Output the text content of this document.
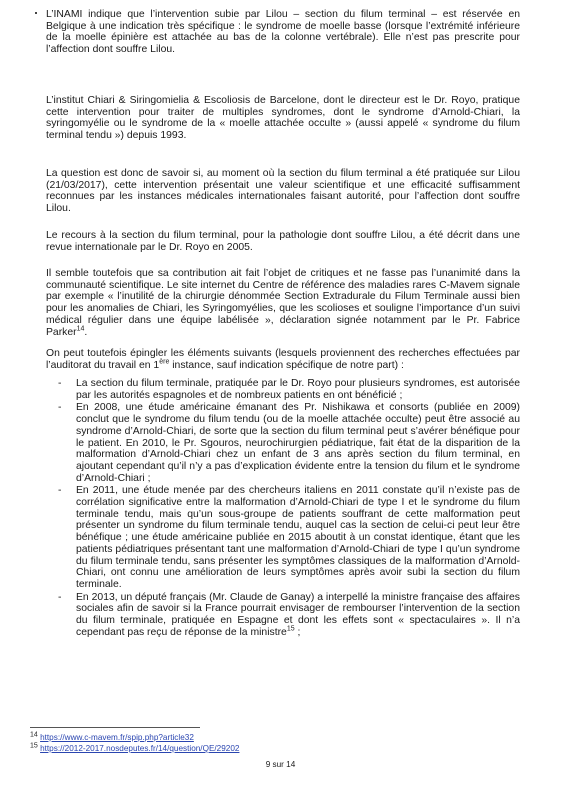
L’INAMI indique que l’intervention subie par Lilou – section du filum terminal – est réservée en Belgique à une indication très spécifique : le syndrome de moelle basse (lorsque l’extrémité inférieure de la moelle épinière est attachée au bas de la colonne vertébrale). Elle n’est pas prescrite pour l’affection dont souffre Lilou.

L’institut Chiari & Siringomielia & Escoliosis de Barcelone, dont le directeur est le Dr. Royo, pratique cette intervention pour traiter de multiples syndromes, dont le syndrome d’Arnold-Chiari, la syringomyélie ou le syndrome de la « moelle attachée occulte » (aussi appelé « syndrome du filum terminal tendu ») depuis 1993.

La question est donc de savoir si, au moment où la section du filum terminal a été pratiquée sur Lilou (21/03/2017), cette intervention présentait une valeur scientifique et une efficacité suffisamment reconnues par les instances médicales internationales faisant autorité, pour l’affection dont souffre Lilou.

Le recours à la section du filum terminal, pour la pathologie dont souffre Lilou, a été décrit dans une revue internationale par le Dr. Royo en 2005.

Il semble toutefois que sa contribution ait fait l’objet de critiques et ne fasse pas l’unanimité dans la communauté scientifique. Le site internet du Centre de référence des maladies rares C-Mavem signale par exemple « l’inutilité de la chirurgie dénommée Section Extradurale du Filum Terminale aussi bien pour les anomalies de Chiari, les Syringomyélies, que les scolioses et souligne l’importance d’un suivi médical régulier dans une équipe labélisée », déclaration signée notamment par le Pr. Fabrice Parker$^{14}$.

On peut toutefois épingler les éléments suivants (lesquels proviennent des recherches effectuées par l’auditorat du travail en 1ère instance, sauf indication spécifique de notre part) :

- La section du filum terminale, pratiquée par le Dr. Royo pour plusieurs syndromes, est autorisée par les autorités espagnoles et de nombreux patients en ont bénéficié ;
- En 2008, une étude américaine émanant des Pr. Nishikawa et consorts (publiée en 2009) conclut que le syndrome du filum tendu (ou de la moelle attachée occulte) peut être associé au syndrome d’Arnold-Chiari, de sorte que la section du filum terminal peut s’avérer bénéfique pour le patient. En 2010, le Pr. Sgouros, neurochirurgien pédiatrique, fait état de la disparition de la malformation d’Arnold-Chiari chez un enfant de 3 ans après section du filum terminal, en ajoutant cependant qu’il n’y a pas d’explication évidente entre la tension du filum et le syndrome d’Arnold-Chiari ;
- En 2011, une étude menée par des chercheurs italiens en 2011 constate qu’il n’existe pas de corrélation significative entre la malformation d’Arnold-Chiari de type I et le syndrome du filum terminale tendu, mais qu’un sous-groupe de patients souffrant de cette malformation peut présenter un syndrome du filum terminale tendu, auquel cas la section de celui-ci peut leur être bénéfique ; une étude américaine publiée en 2015 aboutit à un constat identique, étant que les patients pédiatriques présentant tant une malformation d’Arnold-Chiari de type I qu’un syndrome du filum terminale tendu, sans présenter les symptômes classiques de la malformation d’Arnold-Chiari, ont connu une amélioration de leurs symptômes après avoir subi la section du filum terminale.
- En 2013, un député français (Mr. Claude de Ganay) a interpellé la ministre française des affaires sociales afin de savoir si la France pourrait envisager de rembourser l’intervention de la section du filum terminale, pratiquée en Espagne et dont les effets sont « spectaculaires ». Il n’a cependant pas reçu de réponse de la ministre$^{15}$ ;
$^{14}$ https://www.c-mavem.fr/spip.php?article32
$^{15}$ https://2012-2017.nosdeputes.fr/14/question/QE/29202
9 sur 14
